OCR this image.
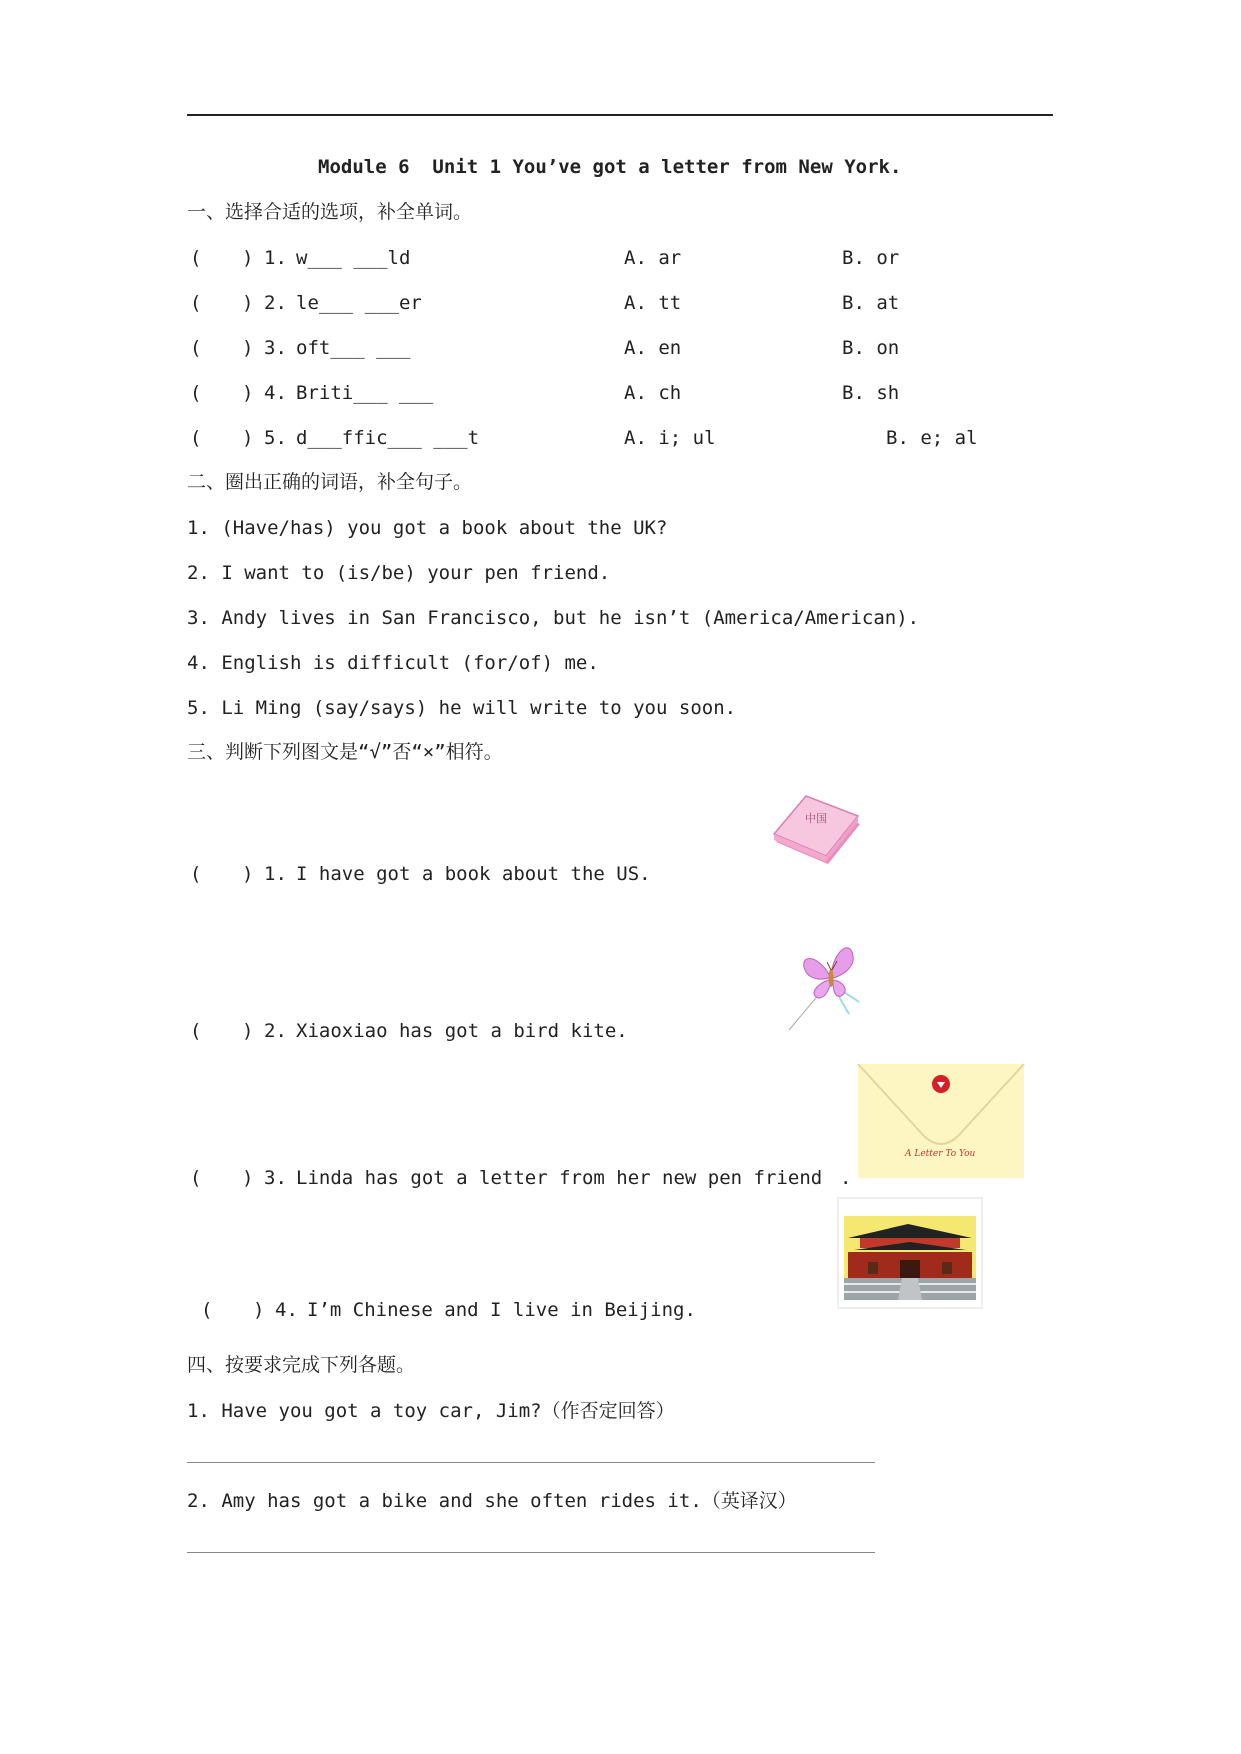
Module 6  Unit 1 You’ve got a letter from New York.
一、选择合适的选项，补全单词。
( ) 1. w___ ___ld	A. ar	B. or
( ) 2. le___ ___er	A. tt	B. at
( ) 3. oft___ ___	A. en	B. on
( ) 4. Briti___ ___	A. ch	B. sh
( ) 5. d___ffic___ ___t	A. i; ul	B. e; al
二、圈出正确的词语，补全句子。
1. (Have/has) you got a book about the UK?
2. I want to (is/be) your pen friend.
3. Andy lives in San Francisco, but he isn’t (America/American).
4. English is difficult (for/of) me.
5. Li Ming (say/says) he will write to you soon.
三、判断下列图文是“√”否“×”相符。
( ) 1. I have got a book about the US.
( ) 2. Xiaoxiao has got a bird kite.
( ) 3. Linda has got a letter from her new pen friend .
( ) 4. I’m Chinese and I live in Beijing.
中国
A Letter To You
四、按要求完成下列各题。
1. Have you got a toy car, Jim?（作否定回答）
2. Amy has got a bike and she often rides it.（英译汉）
